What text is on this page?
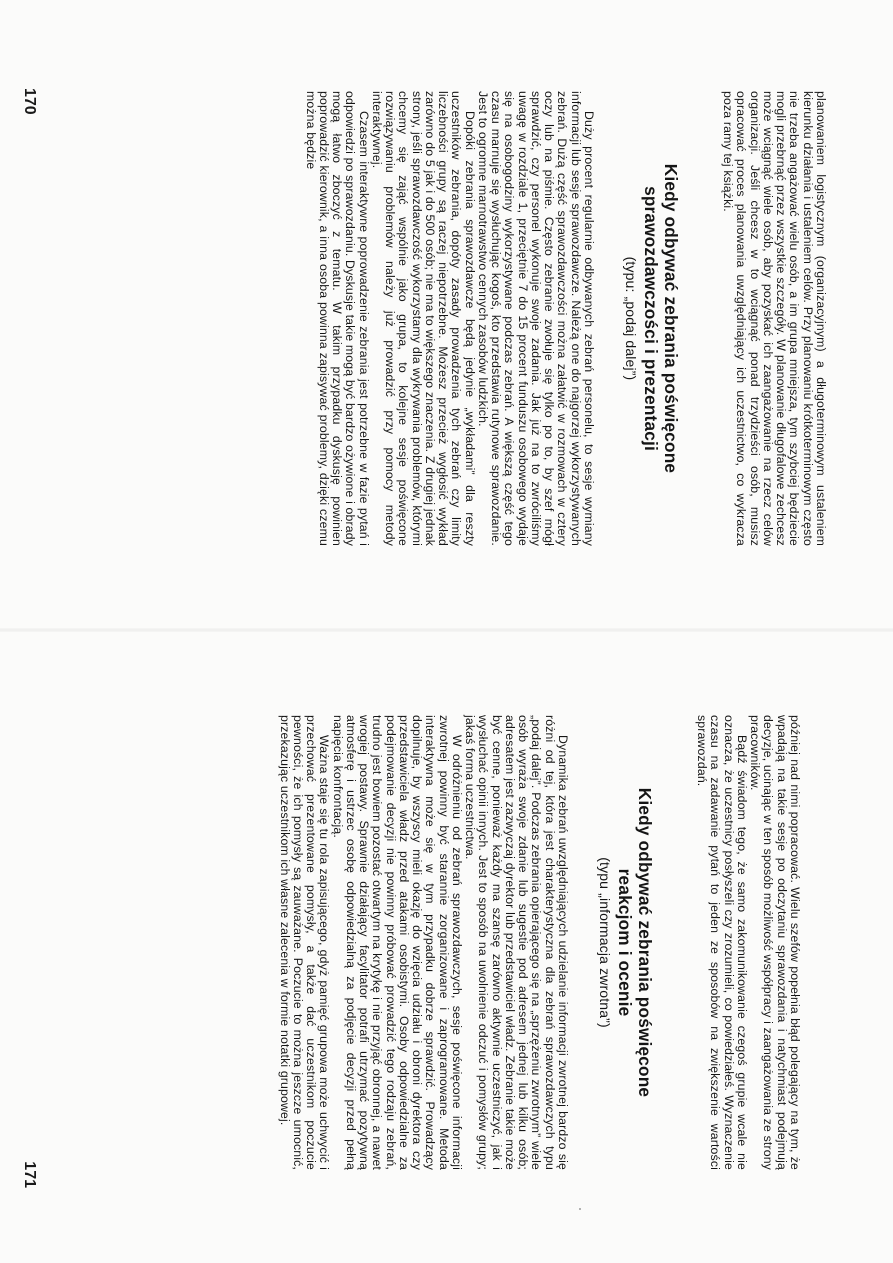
planowaniem logistycznym (organizacyjnym) a długoterminowym ustaleniem kierunku działania i ustaleniem celów. Przy planowaniu krótkoterminowym często nie trzeba angażować wielu osób, a im grupa mniejsza, tym szybciej będziecie mogli przebrnąć przez wszystkie szczegóły. W planowanie długofalowe zechcesz może wciągnąć wiele osób, aby pozyskać ich zaangażowanie na rzecz celów organizacji. Jeśli chcesz w to wciągnąć ponad trzydzieści osób, musisz opracować proces planowania uwzględniający ich uczestnictwo, co wykracza poza ramy tej książki.

Kiedy odbywać zebrania poświęcone
sprawozdawczości i prezentacji
(typu: „podaj dalej”)

Duży procent regularnie odbywanych zebrań personelu, to sesje wymiany informacji lub sesje sprawozdawcze. Należą one do najgorzej wykorzystywanych zebrań. Dużą część sprawozdawczości można załatwić w rozmowach w cztery oczy lub na piśmie. Często zebranie zwołuje się tylko po to, by szef mógł sprawdzić, czy personel wykonuje swoje zadania. Jak już na to zwróciliśmy uwagę w rozdziale 1, przeciętnie 7 do 15 procent funduszu osobowego wydaje się na osobogodziny wykorzystywane podczas zebrań. A większą część tego czasu marnuje się wysłuchując kogoś, kto przedstawia rutynowe sprawozdanie. Jest to ogromne marnotrawstwo cennych zasobów ludzkich.

Dopóki zebrania sprawozdawcze będą jedynie „wykładami” dla reszty uczestników zebrania, dopóty zasady prowadzenia tych zebrań czy limity liczebności grupy są raczej niepotrzebne. Możesz przecież wygłosić wykład zarówno do 5 jak i do 500 osób; nie ma to większego znaczenia. Z drugiej jednak strony, jeśli sprawozdawczość wykorzystamy dla wykrywania problemów, którymi chcemy się zająć wspólnie jako grupa, to kolejne sesje poświęcone rozwiązywaniu problemów należy już prowadzić przy pomocy metody interaktywnej.

Czasem interaktywne poprowadzenie zebrania jest potrzebne w fazie pytań i odpowiedzi po sprawozdaniu. Dyskusje takie mogą być bardzo ożywione i obrady mogą łatwo zboczyć z tematu. W takim przypadku dyskusję powinien poprowadzić kierownik, a inna osoba powinna zapisywać problemy, dzięki czemu można będzie

170

później nad nimi popracować. Wielu szefów popełnia błąd polegający na tym, że wpadają na takie sesje po odczytaniu sprawozdania i natychmiast podejmują decyzje, ucinając w ten sposób możliwość współpracy i zaangażowania ze strony pracowników.

Bądź świadom tego, że samo zakomunikowanie czegoś grupie wcale nie oznacza, że uczestnicy posłyszeli czy zrozumieli, co powiedziałeś. Wyznaczenie czasu na zadawanie pytań to jeden ze sposobów na zwiększenie wartości sprawozdań.

Kiedy odbywać zebrania poświęcone
reakcjom i ocenie
(typu „informacja zwrotna”)

Dynamika zebrań uwzględniających udzielanie informacji zwrotnej bardzo się różni od tej, która jest charakterystyczna dla zebrań sprawozdawczych typu „podaj dalej”. Podczas zebrania opierającego się na „sprzężeniu zwrotnym” wiele osób wyraża swoje zdanie lub sugestie pod adresem jednej lub kilku osób; adresatem jest zazwyczaj dyrektor lub przedstawiciel władz. Zebranie takie może być cenne, ponieważ każdy ma szansę zarówno aktywnie uczestniczyć, jak i wysłuchać opinii innych. Jest to sposób na uwolnienie odczuć i pomysłów grupy; jakaś forma uczestnictwa.

W odróżnieniu od zebrań sprawozdawczych, sesje poświęcone informacji zwrotnej powinny być starannie zorganizowane i zaprogramowane. Metoda interaktywna może się w tym przypadku dobrze sprawdzić. Prowadzący dopilnuje, by wszyscy mieli okazję do wzięcia udziału i obroni dyrektora czy przedstawiciela władz przed atakami osobistymi. Osoby odpowiedzialne za podejmowanie decyzji nie powinny próbować prowadzić tego rodzaju zebrań, trudno jest bowiem pozostać otwartym na krytykę i nie przyjąć obronnej, a nawet wrogiej postawy. Sprawnie działający facylitator potrafi utrzymać pozytywną atmosferę i ustrzec osobę odpowiedzialną za podjęcie decyzji przed pełną napięcia konfrontacją.

Ważna staje się tu rola zapisującego, gdyż pamięć grupowa może uchwycić i przechować prezentowane pomysły, a także dać uczestnikom poczucie pewności, że ich pomysły są zauważane. Poczucie to można jeszcze umocnić, przekazując uczestnikom ich własne zalecenia w formie notatki grupowej.

171
